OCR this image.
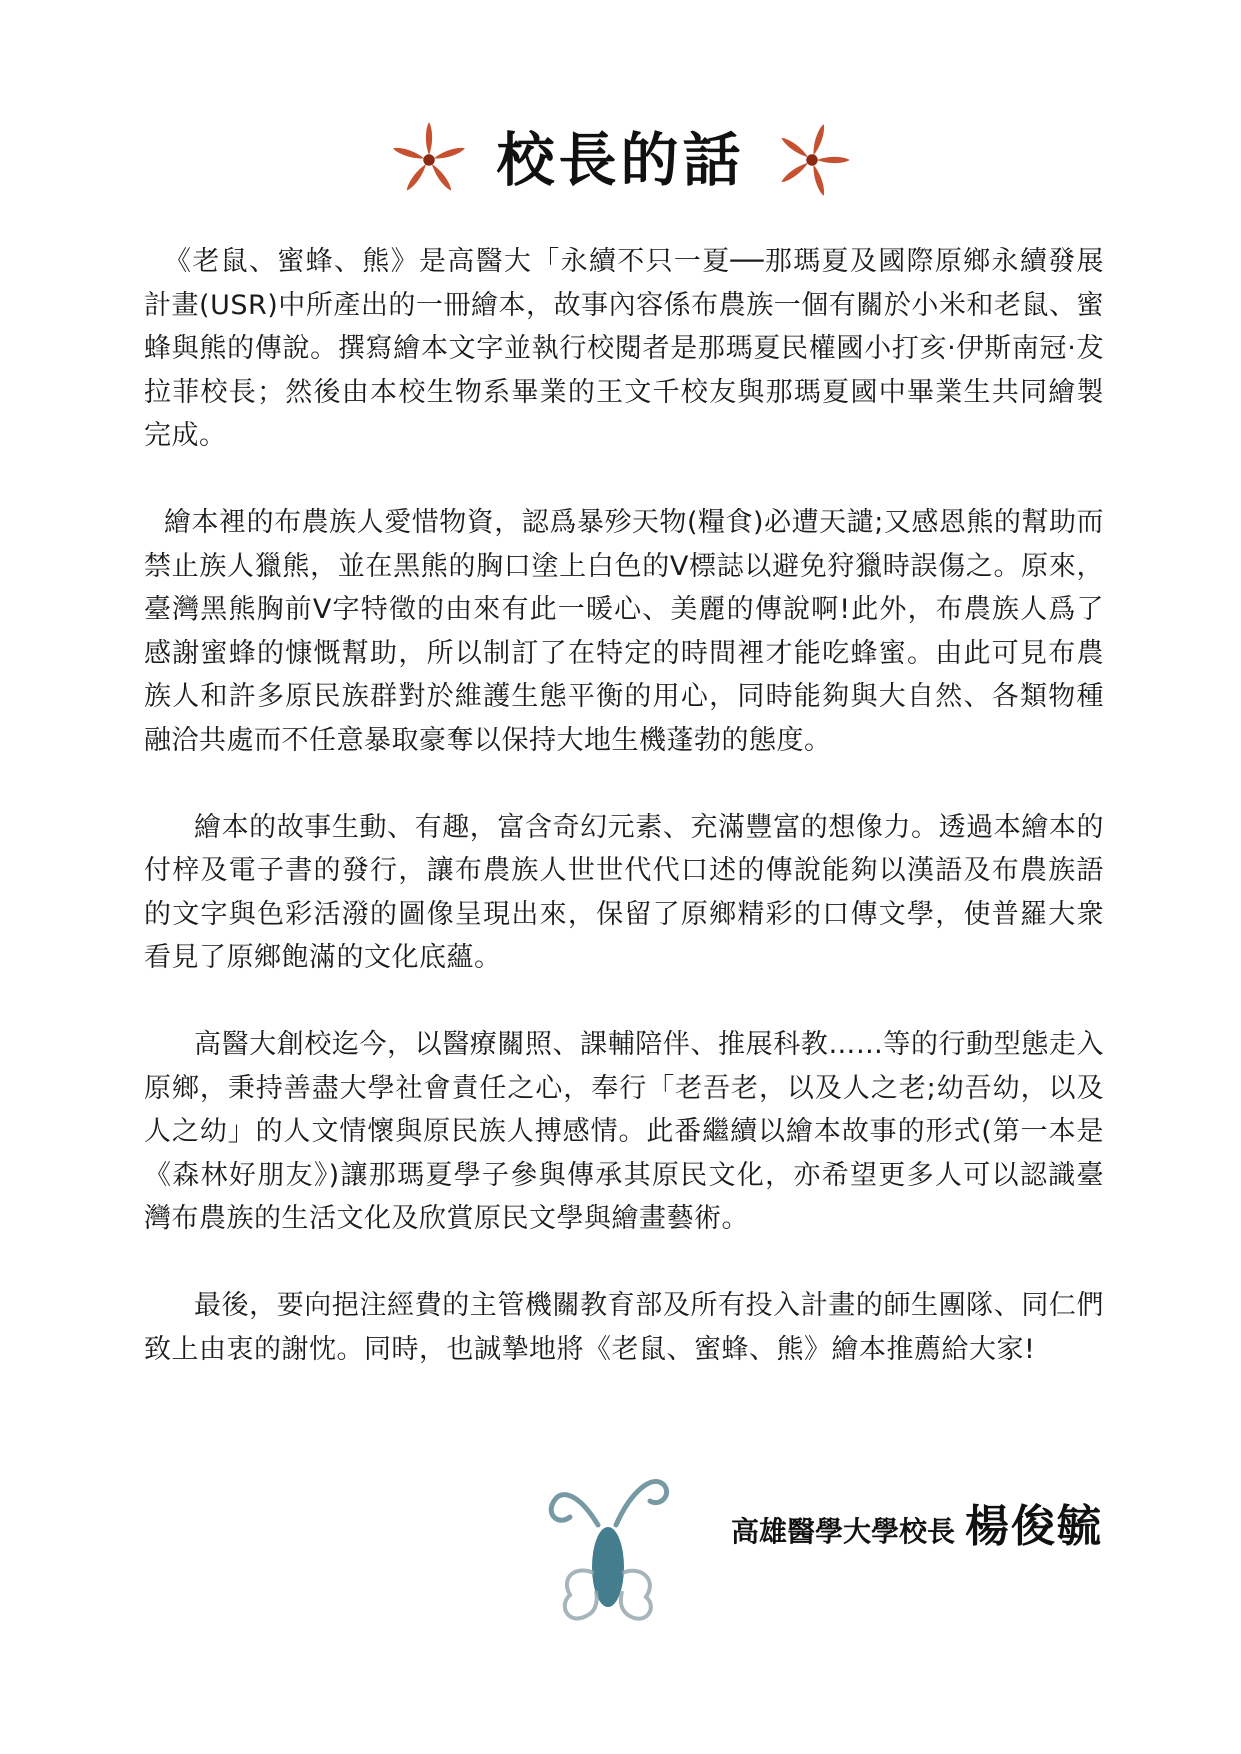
校長的話

《老鼠、蜜蜂、熊》是高醫大「永續不只一夏──那瑪夏及國際原鄉永續發展計畫(USR)中所產出的一冊繪本，故事內容係布農族一個有關於小米和老鼠、蜜蜂與熊的傳說。撰寫繪本文字並執行校閱者是那瑪夏民權國小打亥‧伊斯南冠‧犮拉菲校長；然後由本校生物系畢業的王文千校友與那瑪夏國中畢業生共同繪製完成。

繪本裡的布農族人愛惜物資，認爲暴殄天物(糧食)必遭天譴;又感恩熊的幫助而禁止族人獵熊，並在黑熊的胸口塗上白色的V標誌以避免狩獵時誤傷之。原來，臺灣黑熊胸前V字特徵的由來有此一暖心、美麗的傳說啊!此外，布農族人爲了感謝蜜蜂的慷慨幫助，所以制訂了在特定的時間裡才能吃蜂蜜。由此可見布農族人和許多原民族群對於維護生態平衡的用心，同時能夠與大自然、各類物種融洽共處而不任意暴取豪奪以保持大地生機蓬勃的態度。

繪本的故事生動、有趣，富含奇幻元素、充滿豐富的想像力。透過本繪本的付梓及電子書的發行，讓布農族人世世代代口述的傳說能夠以漢語及布農族語的文字與色彩活潑的圖像呈現出來，保留了原鄉精彩的口傳文學，使普羅大衆看見了原鄉飽滿的文化底蘊。

高醫大創校迄今，以醫療關照、課輔陪伴、推展科教……等的行動型態走入原鄉，秉持善盡大學社會責任之心，奉行「老吾老，以及人之老;幼吾幼，以及人之幼」的人文情懷與原民族人搏感情。此番繼續以繪本故事的形式(第一本是《森林好朋友》)讓那瑪夏學子參與傳承其原民文化，亦希望更多人可以認識臺灣布農族的生活文化及欣賞原民文學與繪畫藝術。

最後，要向挹注經費的主管機關教育部及所有投入計畫的師生團隊、同仁們致上由衷的謝忱。同時，也誠摯地將《老鼠、蜜蜂、熊》繪本推薦給大家!

高雄醫學大學校長 楊俊毓
